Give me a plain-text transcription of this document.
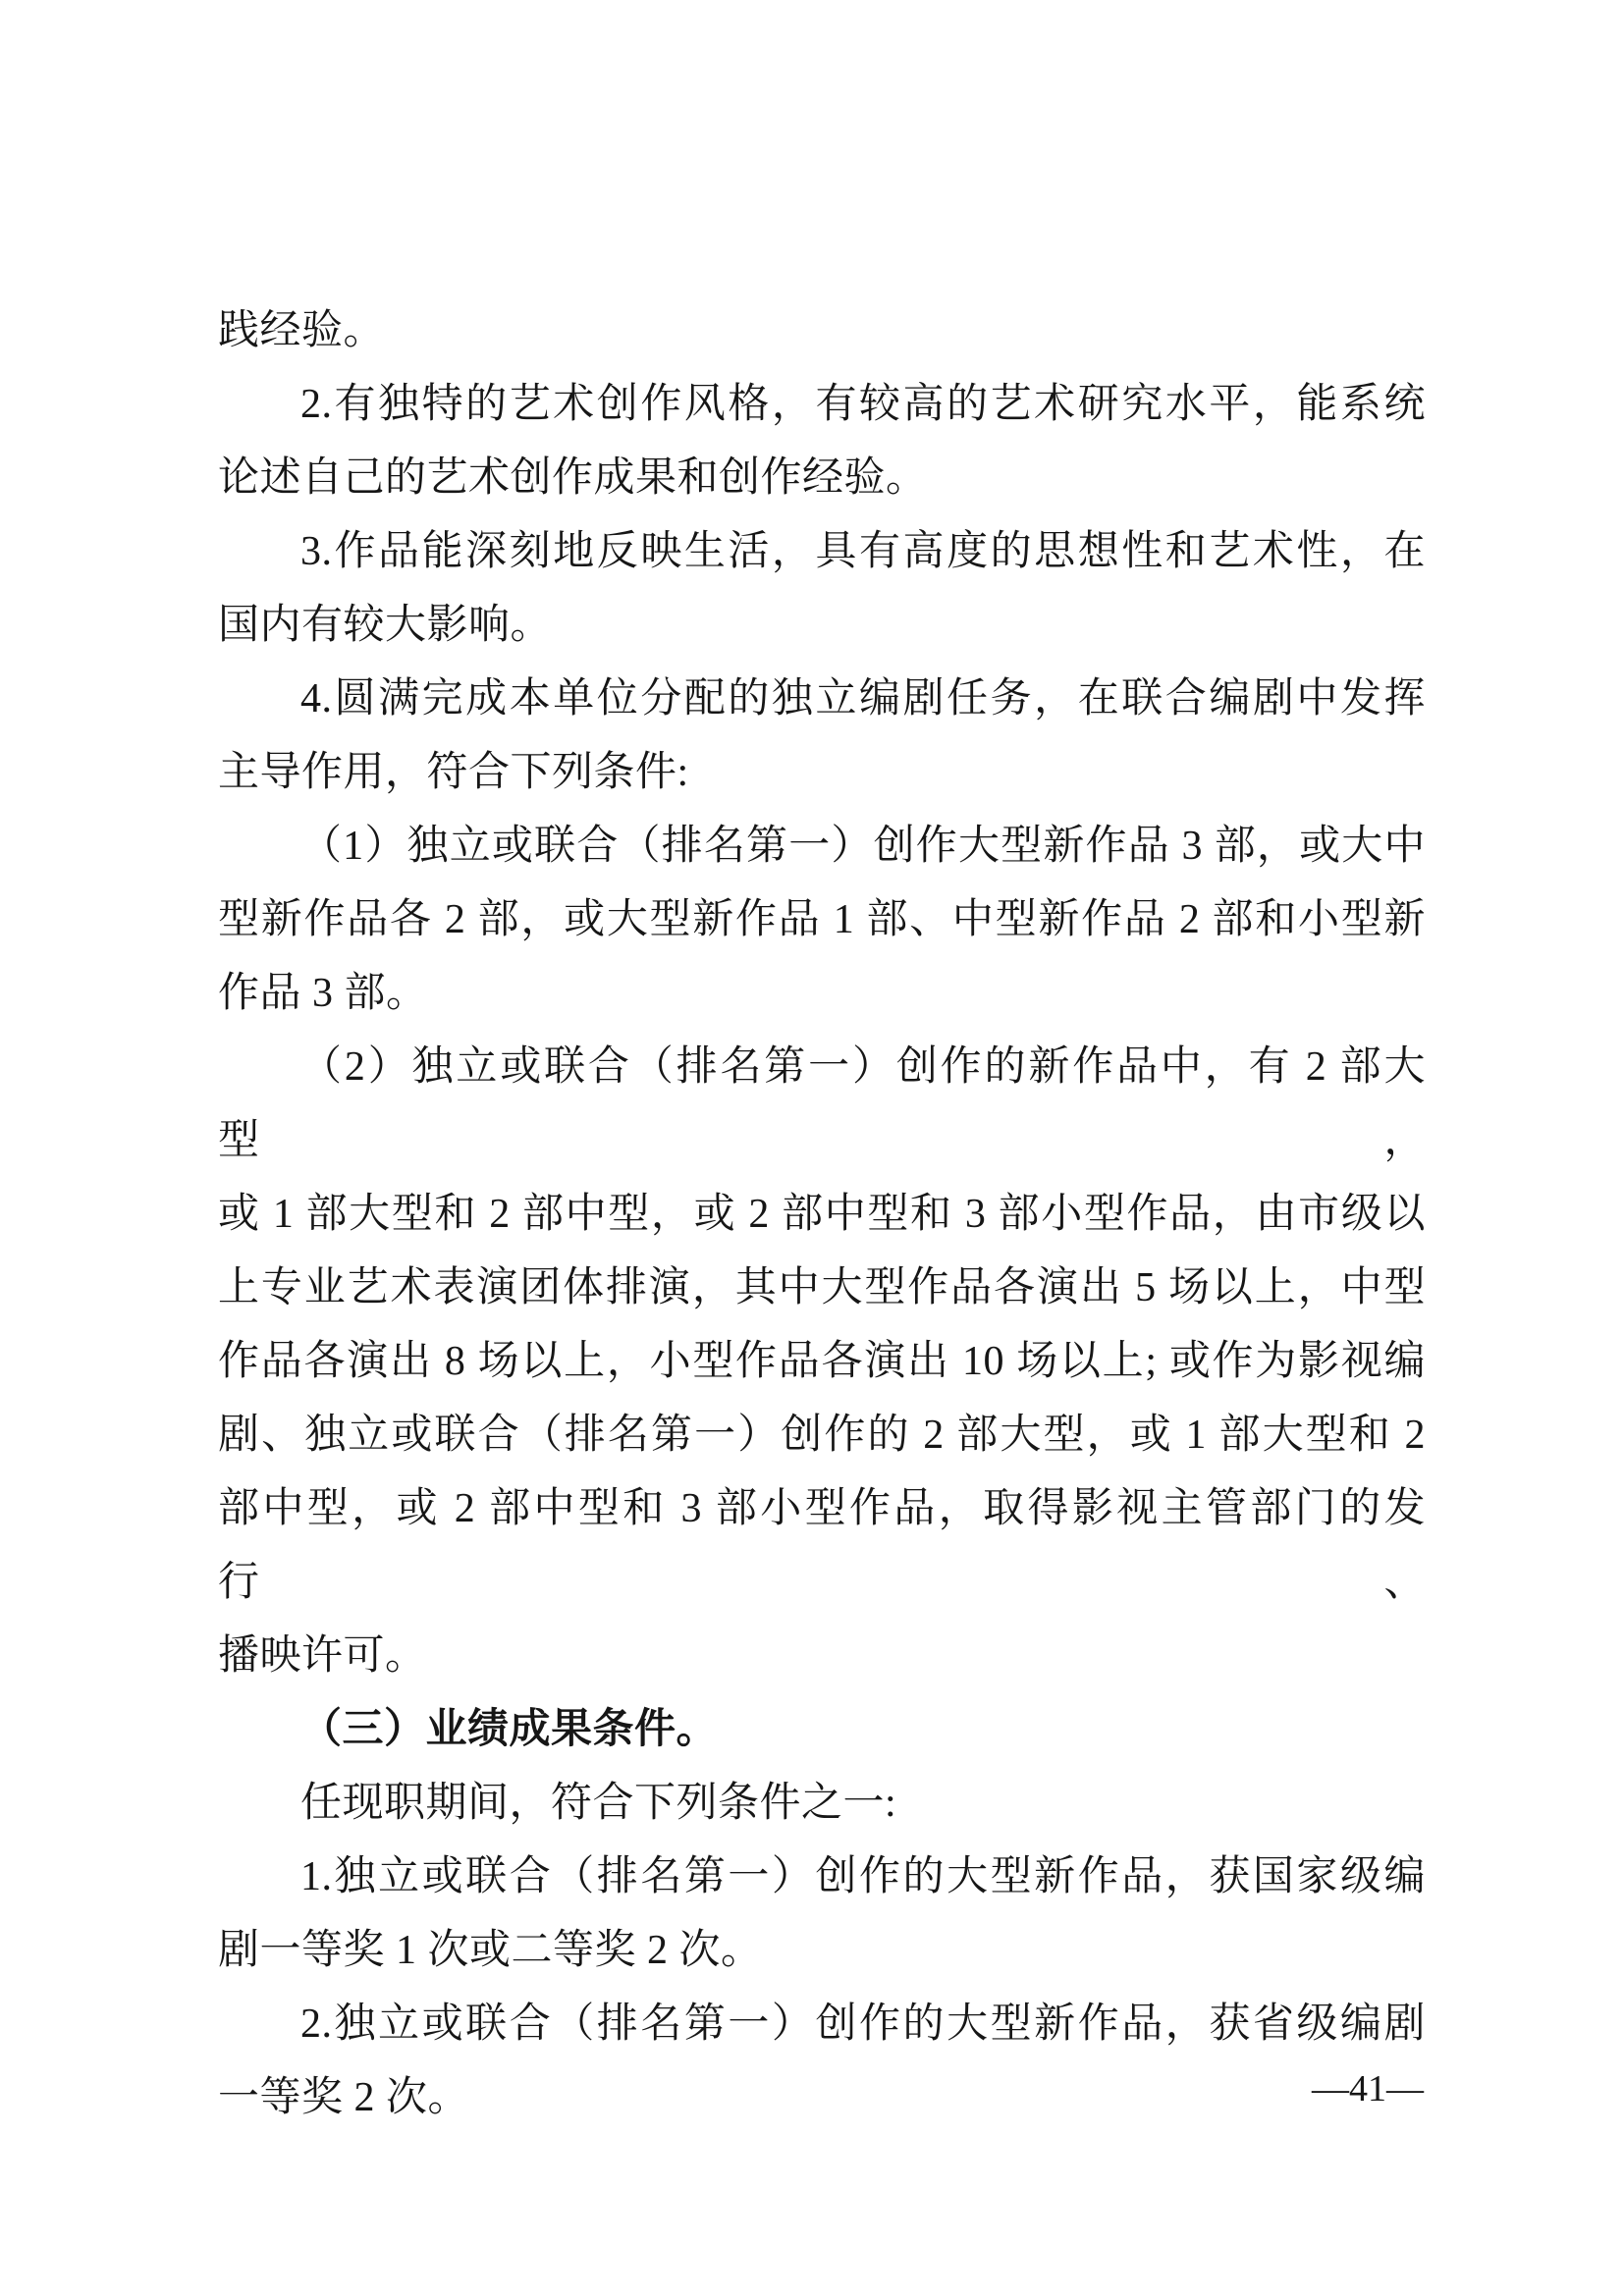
践经验。
2.有独特的艺术创作风格，有较高的艺术研究水平，能系统
论述自己的艺术创作成果和创作经验。
3.作品能深刻地反映生活，具有高度的思想性和艺术性，在
国内有较大影响。
4.圆满完成本单位分配的独立编剧任务，在联合编剧中发挥
主导作用，符合下列条件:
（1）独立或联合（排名第一）创作大型新作品 3 部，或大中
型新作品各 2 部，或大型新作品 1 部、中型新作品 2 部和小型新
作品 3 部。
（2）独立或联合（排名第一）创作的新作品中，有 2 部大型，
或 1 部大型和 2 部中型，或 2 部中型和 3 部小型作品，由市级以
上专业艺术表演团体排演，其中大型作品各演出 5 场以上，中型
作品各演出 8 场以上，小型作品各演出 10 场以上; 或作为影视编
剧、独立或联合（排名第一）创作的 2 部大型，或 1 部大型和 2
部中型，或 2 部中型和 3 部小型作品，取得影视主管部门的发行、
播映许可。
（三）业绩成果条件。
任现职期间，符合下列条件之一:
1.独立或联合（排名第一）创作的大型新作品，获国家级编
剧一等奖 1 次或二等奖 2 次。
2.独立或联合（排名第一）创作的大型新作品，获省级编剧
一等奖 2 次。	—41—
